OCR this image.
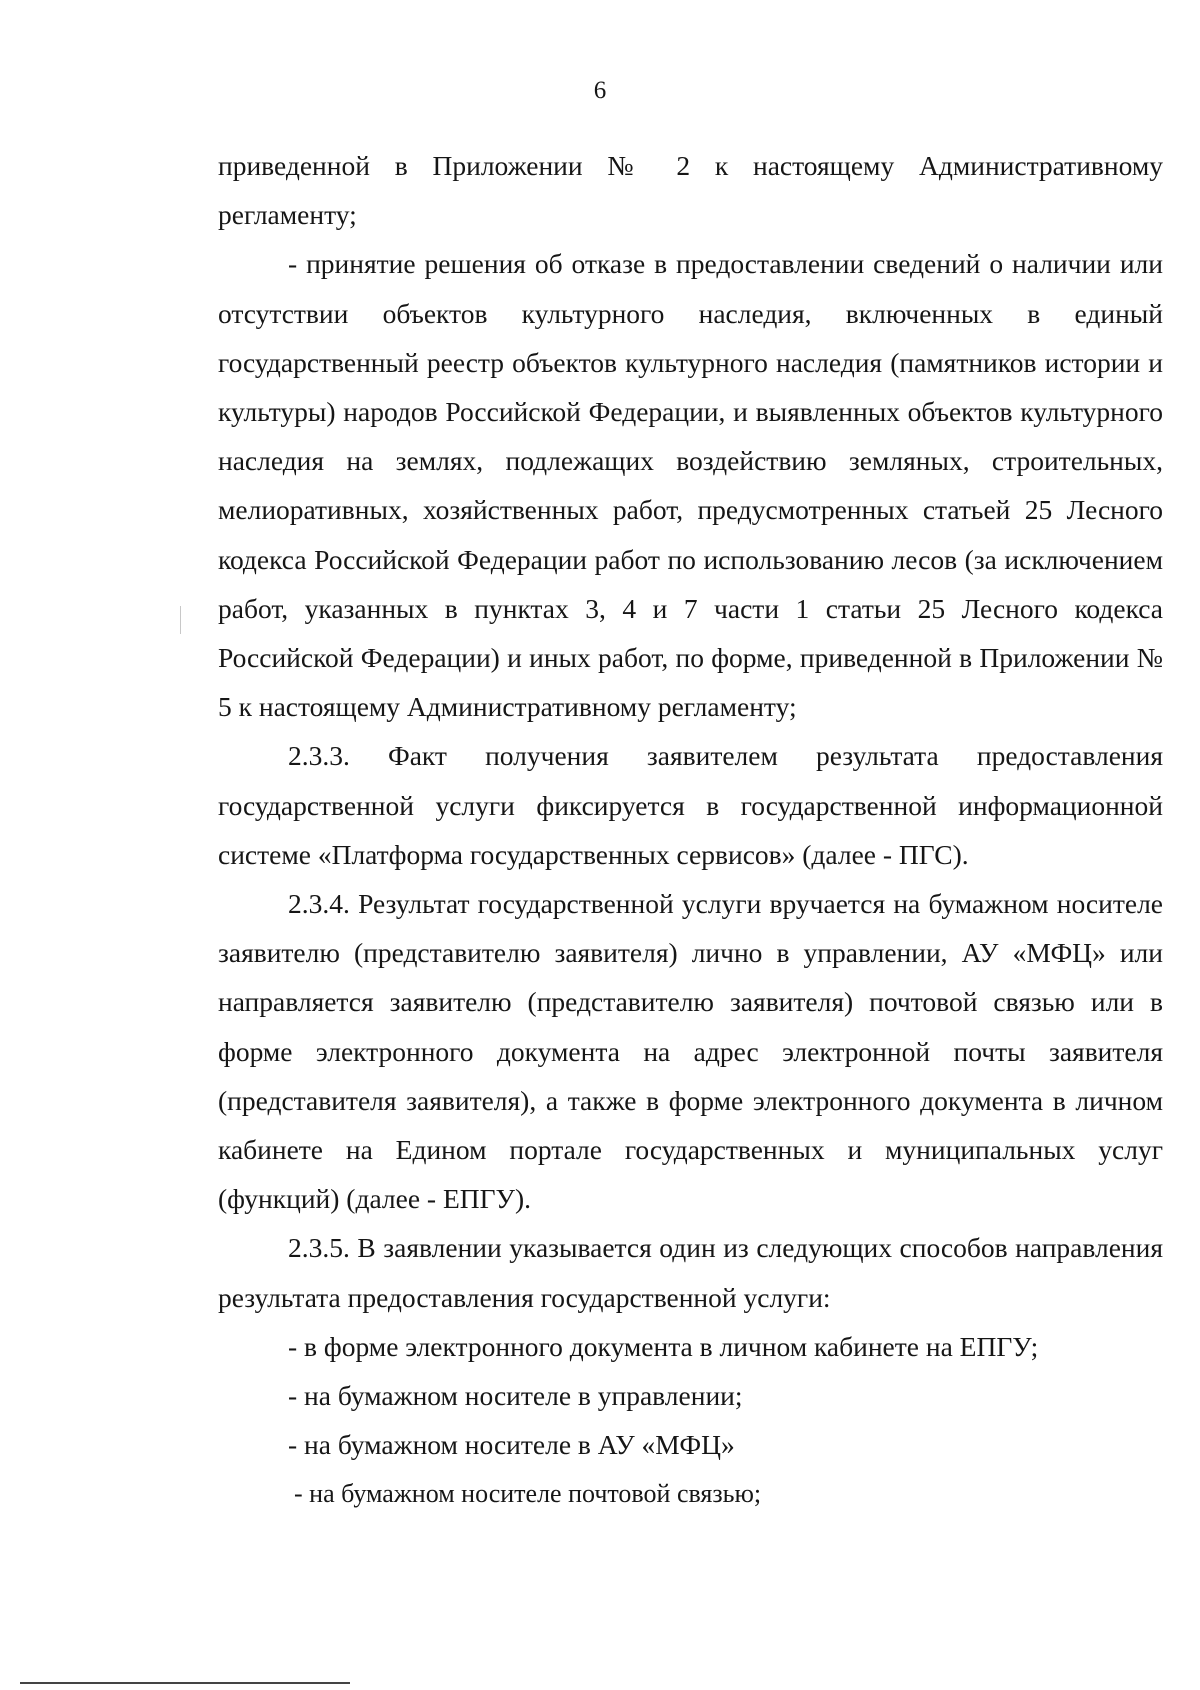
6

приведенной в Приложении № 2 к настоящему Административному регламенту;

- принятие решения об отказе в предоставлении сведений о наличии или отсутствии объектов культурного наследия, включенных в единый государственный реестр объектов культурного наследия (памятников истории и культуры) народов Российской Федерации, и выявленных объектов культурного наследия на землях, подлежащих воздействию земляных, строительных, мелиоративных, хозяйственных работ, предусмотренных статьей 25 Лесного кодекса Российской Федерации работ по использованию лесов (за исключением работ, указанных в пунктах 3, 4 и 7 части 1 статьи 25 Лесного кодекса Российской Федерации) и иных работ, по форме, приведенной в Приложении № 5 к настоящему Административному регламенту;

2.3.3. Факт получения заявителем результата предоставления государственной услуги фиксируется в государственной информационной системе «Платформа государственных сервисов» (далее - ПГС).

2.3.4. Результат государственной услуги вручается на бумажном носителе заявителю (представителю заявителя) лично в управлении, АУ «МФЦ» или направляется заявителю (представителю заявителя) почтовой связью или в форме электронного документа на адрес электронной почты заявителя (представителя заявителя), а также в форме электронного документа в личном кабинете на Едином портале государственных и муниципальных услуг (функций) (далее - ЕПГУ).

2.3.5. В заявлении указывается один из следующих способов направления результата предоставления государственной услуги:

- в форме электронного документа в личном кабинете на ЕПГУ;

- на бумажном носителе в управлении;

- на бумажном носителе в АУ «МФЦ»

- на бумажном носителе почтовой связью;
